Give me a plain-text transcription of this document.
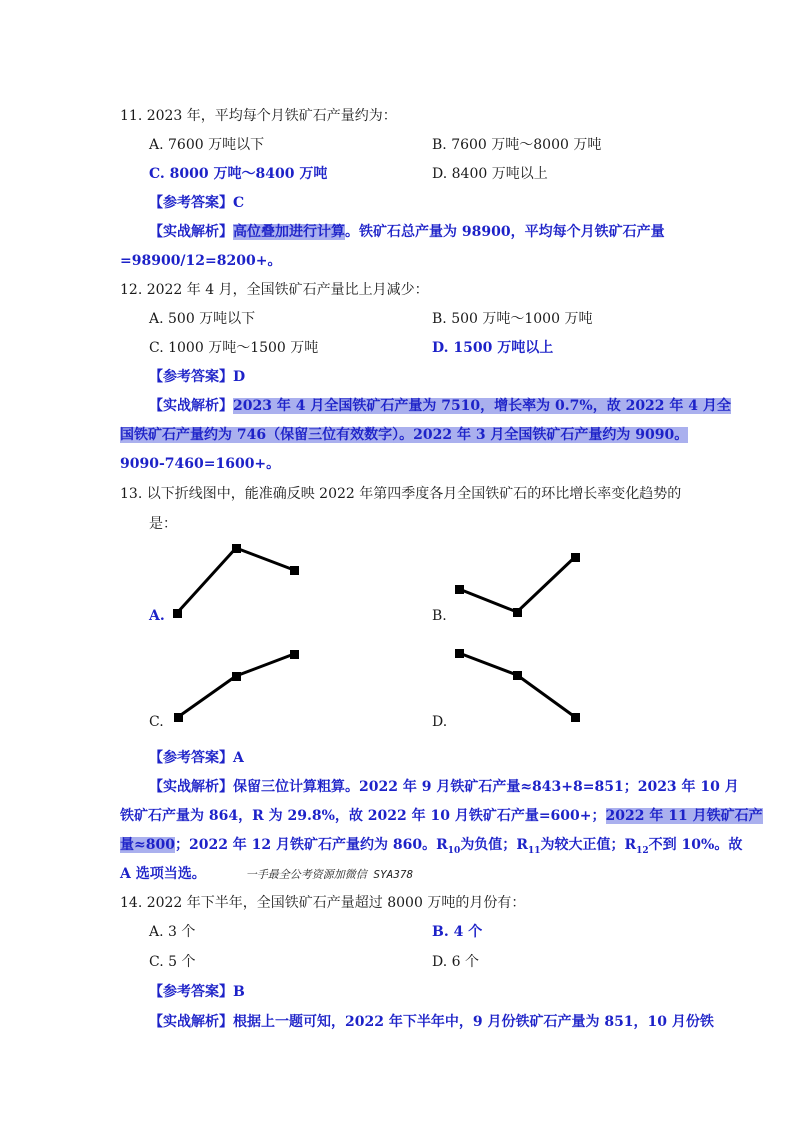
11. 2023 年，平均每个月铁矿石产量约为：
A. 7600 万吨以下	B. 7600 万吨～8000 万吨
C. 8000 万吨～8400 万吨	D. 8400 万吨以上
【参考答案】C
【实战解析】高位叠加进行计算。铁矿石总产量为 98900，平均每个月铁矿石产量
=98900/12=8200+。
12. 2022 年 4 月，全国铁矿石产量比上月减少：
A. 500 万吨以下	B. 500 万吨～1000 万吨
C. 1000 万吨～1500 万吨	D. 1500 万吨以上
【参考答案】D
【实战解析】2023 年 4 月全国铁矿石产量为 7510，增长率为 0.7%，故 2022 年 4 月全
国铁矿石产量约为 746（保留三位有效数字）。2022 年 3 月全国铁矿石产量约为 9090。
9090-7460=1600+。
13. 以下折线图中，能准确反映 2022 年第四季度各月全国铁矿石的环比增长率变化趋势的
是：
A.	B.
C.	D.
【参考答案】A
【实战解析】保留三位计算粗算。2022 年 9 月铁矿石产量≈843+8=851；2023 年 10 月
铁矿石产量为 864，R 为 29.8%，故 2022 年 10 月铁矿石产量=600+；2022 年 11 月铁矿石产
量≈800；2022 年 12 月铁矿石产量约为 860。$R_{10}$为负值；$R_{11}$为较大正值；$R_{12}$不到 10%。故
A 选项当选。	一手最全公考资源加微信 SYA378
14. 2022 年下半年，全国铁矿石产量超过 8000 万吨的月份有：
A. 3 个	B. 4 个
C. 5 个	D. 6 个
【参考答案】B
【实战解析】根据上一题可知，2022 年下半年中，9 月份铁矿石产量为 851，10 月份铁
